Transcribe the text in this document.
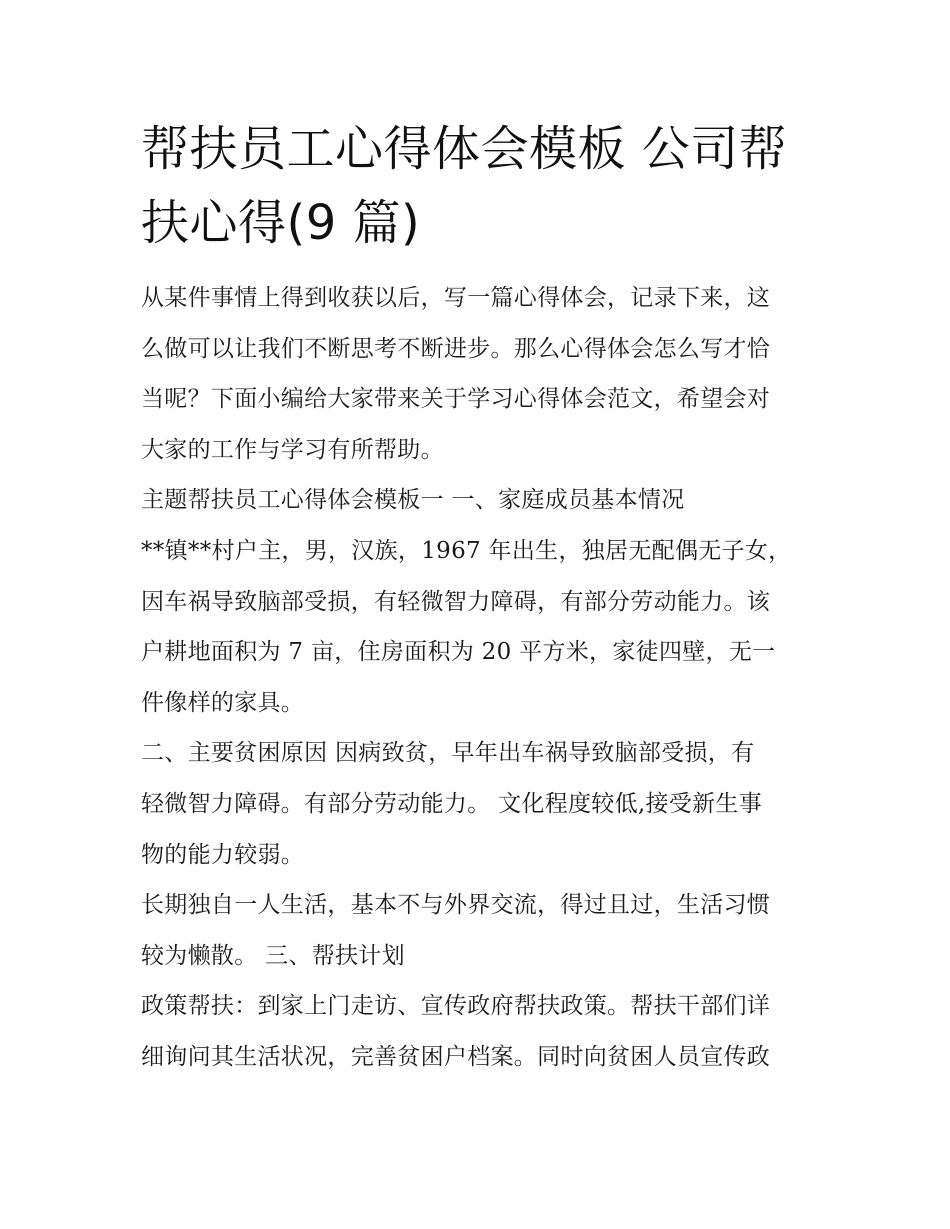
帮扶员工心得体会模板 公司帮
扶心得(9 篇)
从某件事情上得到收获以后，写一篇心得体会，记录下来，这
么做可以让我们不断思考不断进步。那么心得体会怎么写才恰
当呢？下面小编给大家带来关于学习心得体会范文，希望会对
大家的工作与学习有所帮助。
主题帮扶员工心得体会模板一 一、家庭成员基本情况
**镇**村户主，男，汉族，1967 年出生，独居无配偶无子女，
因车祸导致脑部受损，有轻微智力障碍，有部分劳动能力。该
户耕地面积为 7 亩，住房面积为 20 平方米，家徒四壁，无一
件像样的家具。
二、主要贫困原因 因病致贫，早年出车祸导致脑部受损，有
轻微智力障碍。有部分劳动能力。 文化程度较低,接受新生事
物的能力较弱。
长期独自一人生活，基本不与外界交流，得过且过，生活习惯
较为懒散。 三、帮扶计划
政策帮扶：到家上门走访、宣传政府帮扶政策。帮扶干部们详
细询问其生活状况，完善贫困户档案。同时向贫困人员宣传政
